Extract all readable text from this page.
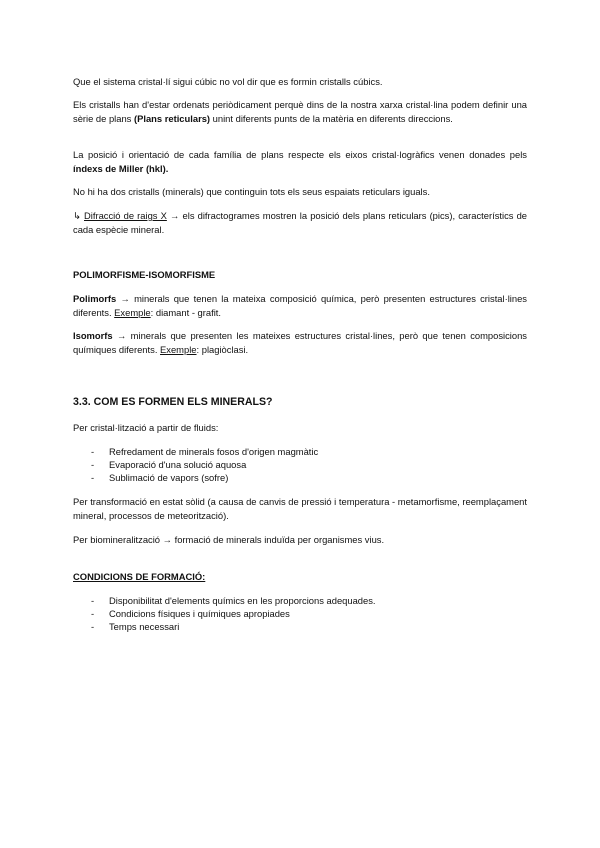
Que el sistema cristal·lí sigui cúbic no vol dir que es formin cristalls cúbics.
Els cristalls han d'estar ordenats periòdicament perquè dins de la nostra xarxa cristal·lina podem definir una sèrie de plans (Plans reticulars) unint diferents punts de la matèria en diferents direccions.
La posició i orientació de cada família de plans respecte els eixos cristal·logràfics venen donades pels índexs de Miller (hkl).
No hi ha dos cristalls (minerals) que continguin tots els seus espaiats reticulars iguals.
↳ Difracció de raigs X → els difractogrames mostren la posició dels plans reticulars (pics), característics de cada espècie mineral.
POLIMORFISME-ISOMORFISME
Polimorfs → minerals que tenen la mateixa composició química, però presenten estructures cristal·lines diferents. Exemple: diamant - grafit.
Isomorfs → minerals que presenten les mateixes estructures cristal·lines, però que tenen composicions químiques diferents. Exemple: plagiòclasi.
3.3. COM ES FORMEN ELS MINERALS?
Per cristal·lització a partir de fluids:
- Refredament de minerals fosos d'origen magmàtic
- Evaporació d'una solució aquosa
- Sublimació de vapors (sofre)
Per transformació en estat sòlid (a causa de canvis de pressió i temperatura - metamorfisme, reemplaçament mineral, processos de meteorització).
Per biomineralització → formació de minerals induïda per organismes vius.
CONDICIONS DE FORMACIÓ:
- Disponibilitat d'elements químics en les proporcions adequades.
- Condicions físiques i químiques apropiades
- Temps necessari
